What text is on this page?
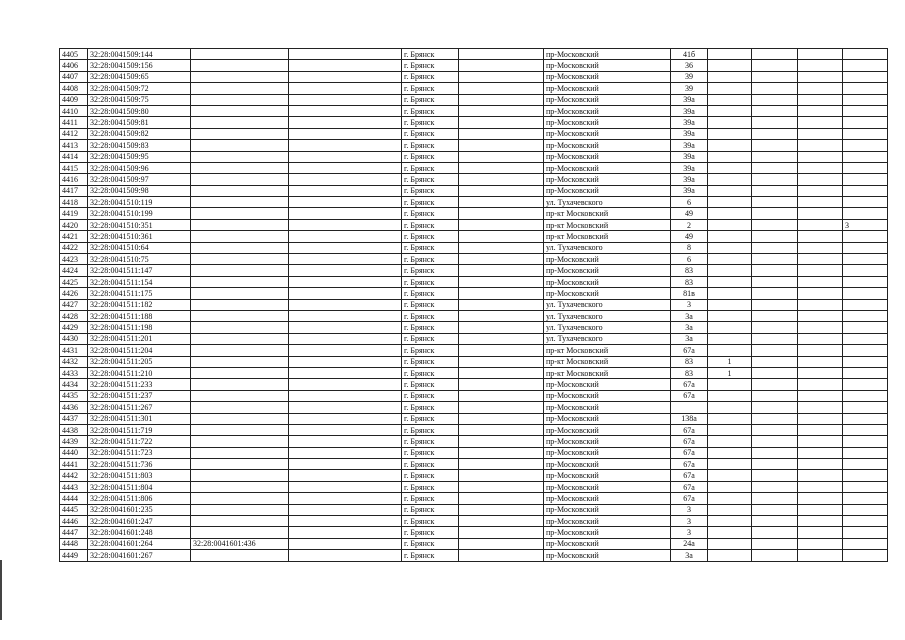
4405	32:28:0041509:144			г. Брянск		пр-Московский	41б				
4406	32:28:0041509:156			г. Брянск		пр-Московский	36				
4407	32:28:0041509:65			г. Брянск		пр-Московский	39				
4408	32:28:0041509:72			г. Брянск		пр-Московский	39				
4409	32:28:0041509:75			г. Брянск		пр-Московский	39а				
4410	32:28:0041509:80			г. Брянск		пр-Московский	39а				
4411	32:28:0041509:81			г. Брянск		пр-Московский	39а				
4412	32:28:0041509:82			г. Брянск		пр-Московский	39а				
4413	32:28:0041509:83			г. Брянск		пр-Московский	39а				
4414	32:28:0041509:95			г. Брянск		пр-Московский	39а				
4415	32:28:0041509:96			г. Брянск		пр-Московский	39а				
4416	32:28:0041509:97			г. Брянск		пр-Московский	39а				
4417	32:28:0041509:98			г. Брянск		пр-Московский	39а				
4418	32:28:0041510:119			г. Брянск		ул. Тухачевского	6				
4419	32:28:0041510:199			г. Брянск		пр-кт Московский	49				
4420	32:28:0041510:351			г. Брянск		пр-кт Московский	2				3
4421	32:28:0041510:361			г. Брянск		пр-кт Московский	49				
4422	32:28:0041510:64			г. Брянск		ул. Тухачевского	8				
4423	32:28:0041510:75			г. Брянск		пр-Московский	6				
4424	32:28:0041511:147			г. Брянск		пр-Московский	83				
4425	32:28:0041511:154			г. Брянск		пр-Московский	83				
4426	32:28:0041511:175			г. Брянск		пр-Московский	81в				
4427	32:28:0041511:182			г. Брянск		ул. Тухачевского	3				
4428	32:28:0041511:188			г. Брянск		ул. Тухачевского	3а				
4429	32:28:0041511:198			г. Брянск		ул. Тухачевского	3а				
4430	32:28:0041511:201			г. Брянск		ул. Тухачевского	3а				
4431	32:28:0041511:204			г. Брянск		пр-кт Московский	67а				
4432	32:28:0041511:205			г. Брянск		пр-кт Московский	83	1			
4433	32:28:0041511:210			г. Брянск		пр-кт Московский	83	1			
4434	32:28:0041511:233			г. Брянск		пр-Московский	67а				
4435	32:28:0041511:237			г. Брянск		пр-Московский	67а				
4436	32:28:0041511:267			г. Брянск		пр-Московский					
4437	32:28:0041511:301			г. Брянск		пр-Московский	138а				
4438	32:28:0041511:719			г. Брянск		пр-Московский	67а				
4439	32:28:0041511:722			г. Брянск		пр-Московский	67а				
4440	32:28:0041511:723			г. Брянск		пр-Московский	67а				
4441	32:28:0041511:736			г. Брянск		пр-Московский	67а				
4442	32:28:0041511:803			г. Брянск		пр-Московский	67а				
4443	32:28:0041511:804			г. Брянск		пр-Московский	67а				
4444	32:28:0041511:806			г. Брянск		пр-Московский	67а				
4445	32:28:0041601:235			г. Брянск		пр-Московский	3				
4446	32:28:0041601:247			г. Брянск		пр-Московский	3				
4447	32:28:0041601:248			г. Брянск		пр-Московский	3				
4448	32:28:0041601:264	32:28:0041601:436		г. Брянск		пр-Московский	24а				
4449	32:28:0041601:267			г. Брянск		пр-Московский	3а				
